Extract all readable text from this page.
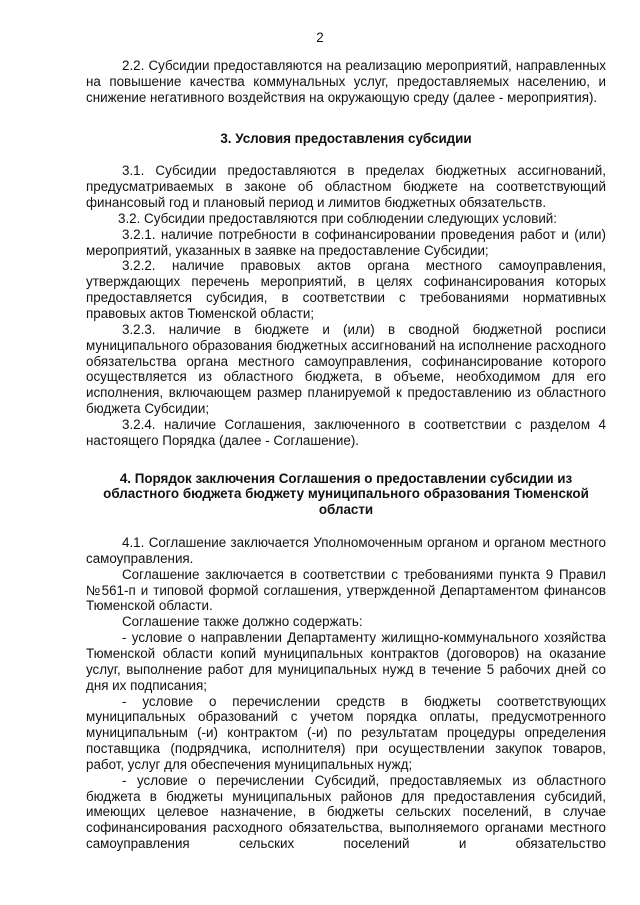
2

2.2. Субсидии предоставляются на реализацию мероприятий, направленных на повышение качества коммунальных услуг, предоставляемых населению, и снижение негативного воздействия на окружающую среду (далее - мероприятия).

3. Условия предоставления субсидии

3.1. Субсидии предоставляются в пределах бюджетных ассигнований, предусматриваемых в законе об областном бюджете на соответствующий финансовый год и плановый период и лимитов бюджетных обязательств.

3.2. Субсидии предоставляются при соблюдении следующих условий:

3.2.1. наличие потребности в софинансировании проведения работ и (или) мероприятий, указанных в заявке на предоставление Субсидии;

3.2.2. наличие правовых актов органа местного самоуправления, утверждающих перечень мероприятий, в целях софинансирования которых предоставляется субсидия, в соответствии с требованиями нормативных правовых актов Тюменской области;

3.2.3. наличие в бюджете и (или) в сводной бюджетной росписи муниципального образования бюджетных ассигнований на исполнение расходного обязательства органа местного самоуправления, софинансирование которого осуществляется из областного бюджета, в объеме, необходимом для его исполнения, включающем размер планируемой к предоставлению из областного бюджета Субсидии;

3.2.4. наличие Соглашения, заключенного в соответствии с разделом 4 настоящего Порядка (далее - Соглашение).

4. Порядок заключения Соглашения о предоставлении субсидии из областного бюджета бюджету муниципального образования Тюменской области

4.1. Соглашение заключается Уполномоченным органом и органом местного самоуправления.

Соглашение заключается в соответствии с требованиями пункта 9 Правил №561-п и типовой формой соглашения, утвержденной Департаментом финансов Тюменской области.

Соглашение также должно содержать:

- условие о направлении Департаменту жилищно-коммунального хозяйства Тюменской области копий муниципальных контрактов (договоров) на оказание услуг, выполнение работ для муниципальных нужд в течение 5 рабочих дней со дня их подписания;

- условие о перечислении средств в бюджеты соответствующих муниципальных образований с учетом порядка оплаты, предусмотренного муниципальным (-и) контрактом (-и) по результатам процедуры определения поставщика (подрядчика, исполнителя) при осуществлении закупок товаров, работ, услуг для обеспечения муниципальных нужд;

- условие о перечислении Субсидий, предоставляемых из областного бюджета в бюджеты муниципальных районов для предоставления субсидий, имеющих целевое назначение, в бюджеты сельских поселений, в случае софинансирования расходного обязательства, выполняемого органами местного самоуправления сельских поселений и обязательство
